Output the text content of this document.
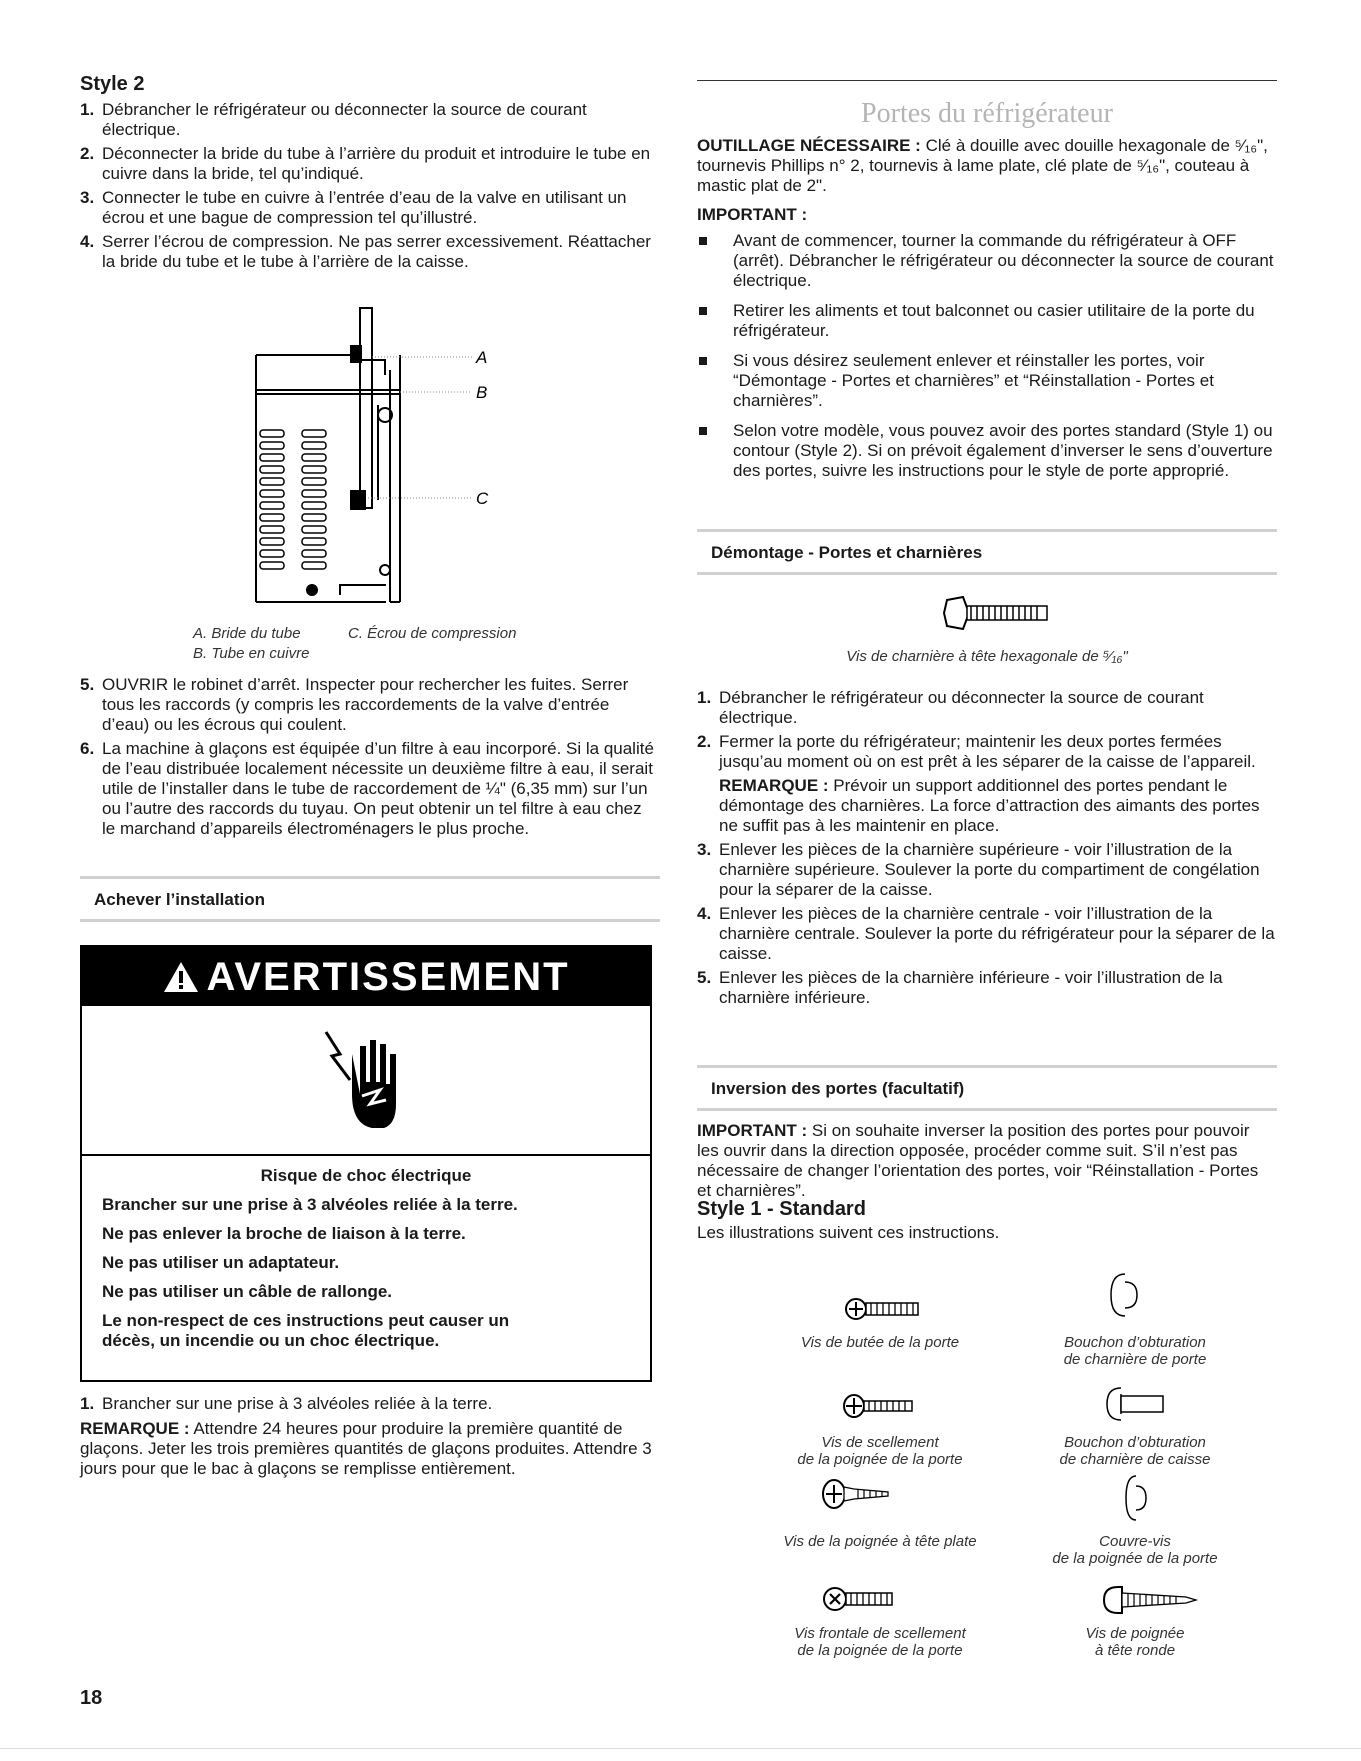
Style 2
1. Débrancher le réfrigérateur ou déconnecter la source de courant électrique.
2. Déconnecter la bride du tube à l’arrière du produit et introduire le tube en cuivre dans la bride, tel qu’indiqué.
3. Connecter le tube en cuivre à l’entrée d’eau de la valve en utilisant un écrou et une bague de compression tel qu’illustré.
4. Serrer l’écrou de compression. Ne pas serrer excessivement. Réattacher la bride du tube et le tube à l’arrière de la caisse.
A
B
C
A. Bride du tube	C. Écrou de compression
B. Tube en cuivre
5. OUVRIR le robinet d’arrêt. Inspecter pour rechercher les fuites. Serrer tous les raccords (y compris les raccordements de la valve d’entrée d’eau) ou les écrous qui coulent.
6. La machine à glaçons est équipée d’un filtre à eau incorporé. Si la qualité de l’eau distribuée localement nécessite un deuxième filtre à eau, il serait utile de l’installer dans le tube de raccordement de ¼" (6,35 mm) sur l’un ou l’autre des raccords du tuyau. On peut obtenir un tel filtre à eau chez le marchand d’appareils électroménagers le plus proche.
Achever l’installation
AVERTISSEMENT
Risque de choc électrique
Brancher sur une prise à 3 alvéoles reliée à la terre.
Ne pas enlever la broche de liaison à la terre.
Ne pas utiliser un adaptateur.
Ne pas utiliser un câble de rallonge.
Le non-respect de ces instructions peut causer un décès, un incendie ou un choc électrique.
1. Brancher sur une prise à 3 alvéoles reliée à la terre.
REMARQUE : Attendre 24 heures pour produire la première quantité de glaçons. Jeter les trois premières quantités de glaçons produites. Attendre 3 jours pour que le bac à glaçons se remplisse entièrement.
18
Portes du réfrigérateur
OUTILLAGE NÉCESSAIRE : Clé à douille avec douille hexagonale de ⁵⁄₁₆", tournevis Phillips n° 2, tournevis à lame plate, clé plate de ⁵⁄₁₆", couteau à mastic plat de 2".
IMPORTANT :
Avant de commencer, tourner la commande du réfrigérateur à OFF (arrêt). Débrancher le réfrigérateur ou déconnecter la source de courant électrique.
Retirer les aliments et tout balconnet ou casier utilitaire de la porte du réfrigérateur.
Si vous désirez seulement enlever et réinstaller les portes, voir “Démontage - Portes et charnières” et “Réinstallation - Portes et charnières”.
Selon votre modèle, vous pouvez avoir des portes standard (Style 1) ou contour (Style 2). Si on prévoit également d’inverser le sens d’ouverture des portes, suivre les instructions pour le style de porte approprié.
Démontage - Portes et charnières
Vis de charnière à tête hexagonale de ⁵⁄₁₆"
1. Débrancher le réfrigérateur ou déconnecter la source de courant électrique.
2. Fermer la porte du réfrigérateur; maintenir les deux portes fermées jusqu’au moment où on est prêt à les séparer de la caisse de l’appareil.
REMARQUE : Prévoir un support additionnel des portes pendant le démontage des charnières. La force d’attraction des aimants des portes ne suffit pas à les maintenir en place.
3. Enlever les pièces de la charnière supérieure - voir l’illustration de la charnière supérieure. Soulever la porte du compartiment de congélation pour la séparer de la caisse.
4. Enlever les pièces de la charnière centrale - voir l’illustration de la charnière centrale. Soulever la porte du réfrigérateur pour la séparer de la caisse.
5. Enlever les pièces de la charnière inférieure - voir l’illustration de la charnière inférieure.
Inversion des portes (facultatif)
IMPORTANT : Si on souhaite inverser la position des portes pour pouvoir les ouvrir dans la direction opposée, procéder comme suit. S’il n’est pas nécessaire de changer l’orientation des portes, voir “Réinstallation - Portes et charnières”.
Style 1 - Standard
Les illustrations suivent ces instructions.
Vis de butée de la porte	Bouchon d’obturation
de charnière de porte
Vis de scellement
de la poignée de la porte
Bouchon d’obturation
de charnière de caisse
Vis de la poignée à tête plate	Couvre-vis
de la poignée de la porte
Vis frontale de scellement
de la poignée de la porte
Vis de poignée
à tête ronde
